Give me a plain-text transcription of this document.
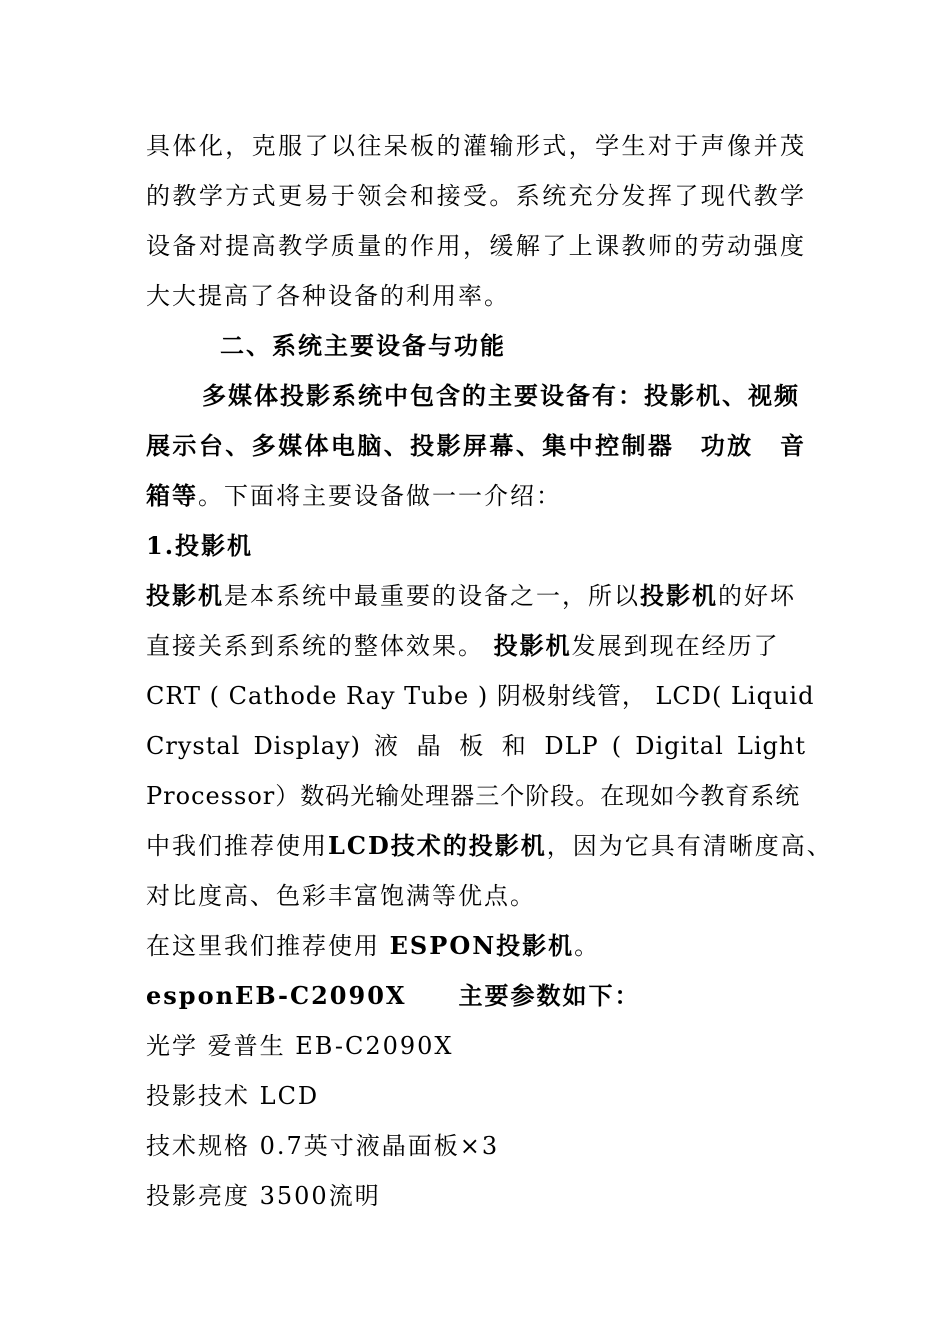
具体化，克服了以往呆板的灌输形式，学生对于声像并茂
的教学方式更易于领会和接受。系统充分发挥了现代教学
设备对提高教学质量的作用，缓解了上课教师的劳动强度
大大提高了各种设备的利用率。
二、系统主要设备与功能
多媒体投影系统中包含的主要设备有：投影机、视频
展示台、多媒体电脑、投影屏幕、集中控制器　功放　音
箱等。下面将主要设备做一一介绍：
1.投影机
投影机是本系统中最重要的设备之一，所以投影机的好坏
直接关系到系统的整体效果。 投影机发展到现在经历了
CRT ( Cathode Ray Tube ) 阴极射线管， LCD( Liquid
Crystal Display) 液 晶 板 和 DLP ( Digital Light
Processor）数码光输处理器三个阶段。在现如今教育系统
中我们推荐使用LCD技术的投影机，因为它具有清晰度高、
对比度高、色彩丰富饱满等优点。
在这里我们推荐使用 ESPON投影机。
esponEB-C2090X　　主要参数如下：
光学 爱普生 EB-C2090X
投影技术 LCD
技术规格 0.7英寸液晶面板×3
投影亮度 3500流明
